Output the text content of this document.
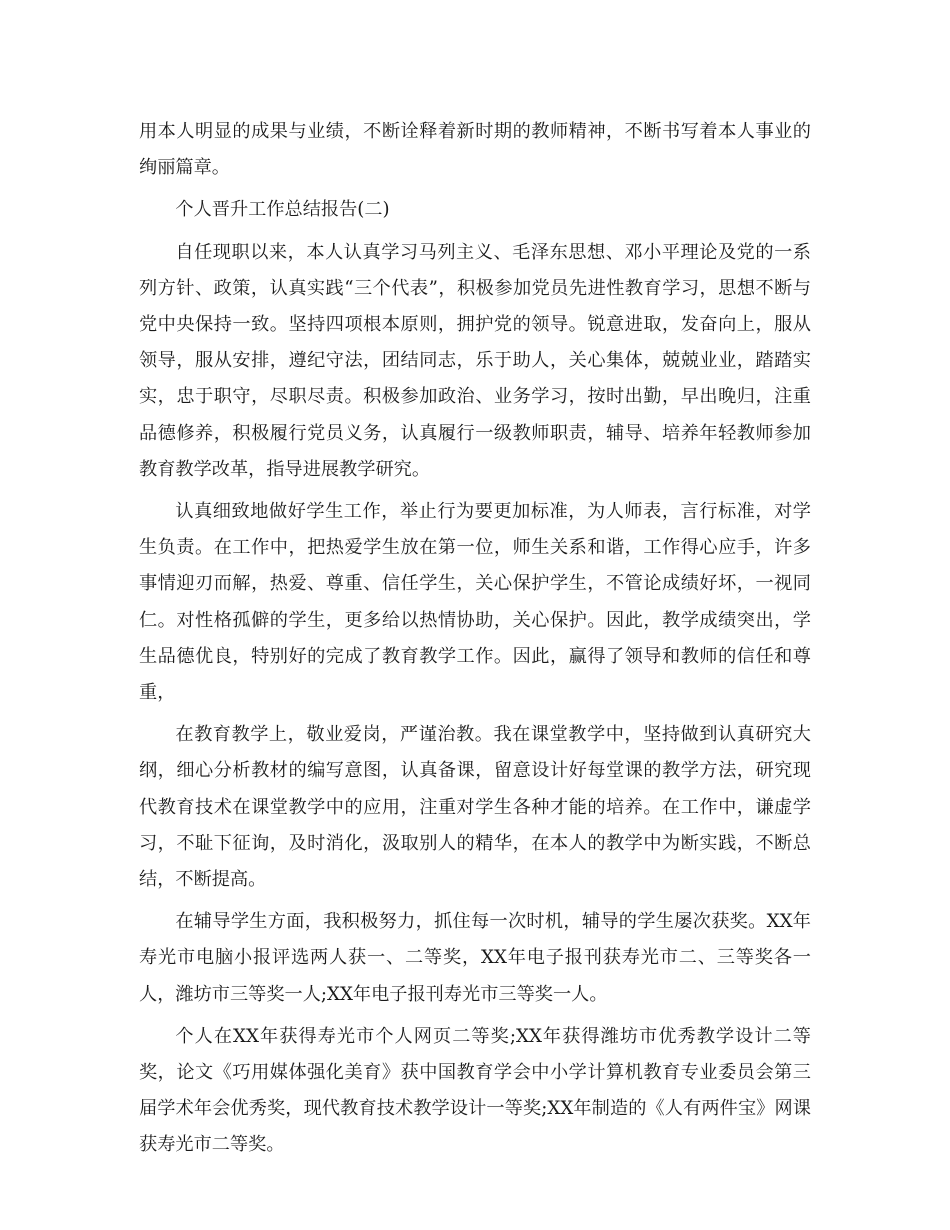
用本人明显的成果与业绩，不断诠释着新时期的教师精神，不断书写着本人事业的绚丽篇章。

个人晋升工作总结报告(二)

自任现职以来，本人认真学习马列主义、毛泽东思想、邓小平理论及党的一系列方针、政策，认真实践“三个代表”，积极参加党员先进性教育学习，思想不断与党中央保持一致。坚持四项根本原则，拥护党的领导。锐意进取，发奋向上，服从领导，服从安排，遵纪守法，团结同志，乐于助人，关心集体，兢兢业业，踏踏实实，忠于职守，尽职尽责。积极参加政治、业务学习，按时出勤，早出晚归，注重品德修养，积极履行党员义务，认真履行一级教师职责，辅导、培养年轻教师参加教育教学改革，指导进展教学研究。

认真细致地做好学生工作，举止行为要更加标准，为人师表，言行标准，对学生负责。在工作中，把热爱学生放在第一位，师生关系和谐，工作得心应手，许多事情迎刃而解，热爱、尊重、信任学生，关心保护学生，不管论成绩好坏，一视同仁。对性格孤僻的学生，更多给以热情协助，关心保护。因此，教学成绩突出，学生品德优良，特别好的完成了教育教学工作。因此，赢得了领导和教师的信任和尊重，

在教育教学上，敬业爱岗，严谨治教。我在课堂教学中，坚持做到认真研究大纲，细心分析教材的编写意图，认真备课，留意设计好每堂课的教学方法，研究现代教育技术在课堂教学中的应用，注重对学生各种才能的培养。在工作中，谦虚学习，不耻下征询，及时消化，汲取别人的精华，在本人的教学中为断实践，不断总结，不断提高。

在辅导学生方面，我积极努力，抓住每一次时机，辅导的学生屡次获奖。XX年寿光市电脑小报评选两人获一、二等奖，XX年电子报刊获寿光市二、三等奖各一人，潍坊市三等奖一人;XX年电子报刊寿光市三等奖一人。

个人在XX年获得寿光市个人网页二等奖;XX年获得潍坊市优秀教学设计二等奖，论文《巧用媒体强化美育》获中国教育学会中小学计算机教育专业委员会第三届学术年会优秀奖，现代教育技术教学设计一等奖;XX年制造的《人有两件宝》网课获寿光市二等奖。
